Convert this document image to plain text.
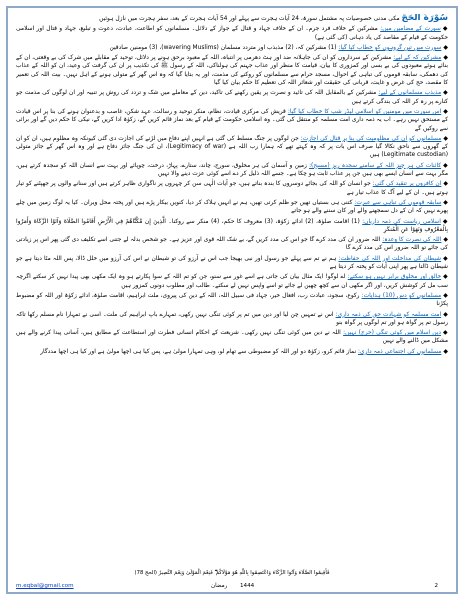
سُوْرَةُ الْحَجِّ مکی مدنی خصوصیات پہ مشتمل سورۃ، 24 آیات ہجرت سے پہلے اور 54 آیات ہجرت کے بعد، سفر ہجرت میں نازل ہوئیں
◆سورت کے مضامین میں: مشرکین کے خلاف فرد جرم۔ ان کے خلاف جہاد و قتال کے جواز کے دلائل۔ مسلمانوں کو اطاعت، عبادت، دعوت و تبلیغ، جہاد و قتال اور اسلامی حکومت کے قیام کے مقاصد کی یاد دہانی (کی گئی ہے)
◆سورت میں تین گروہوں کو خطاب کیا گیا: (1) مشرکین کہ، (2) مذبذب اور متردد مسلمان (wavering Muslims)، (3) مومنین صادقین
◆مشرکین کہ کے لیے: مشرکین کے سرداروں کو ان کی جاہلانہ ضد اور ہٹ دھرمی پر انتباہ، اللہ کے معبود برحق ہونے پر دلائل، توحید کے مقابلے میں شرک کی بے وقعتی، ان کے بنائے ہوئے معبودوں کی بے بسی اور کمزوری کا بیان، قیامت کا منظر اور عذاب جہنم کی ہولناکی، اللہ کے رسول ﷺ کی تکذیب پر ان کی گرفت کی وعید، ان کو اللہ کے عذاب کی دھمکی، سابقہ قوموں کی تباہی کے احوال، مسجد حرام سے مسلمانوں کو روکنے کی مذمت، اور یہ بتایا گیا کہ وہ اس گھر کے متولی ہونے کے اہل نہیں۔ بیت اللہ کی تعمیر کا مقصد، حج کی غرض و غایت، قربانی کی حقیقت اور شعائر اللہ کی تعظیم کا حکم بیان کیا گیا
◆مذبذب مسلمانوں کے لیے: مشرکین کے بالمقابل اللہ کی تائید و نصرت پر یقین رکھنے کی تاکید، دین کے معاملے میں شک و تردد کی روش پر تنبیہ اور ان لوگوں کی مذمت جو کنارے پر رہ کر اللہ کی بندگی کرتے ہیں
◆اس سورت میں مومنین کو اسلامی لیڈر شپ کا خطاب کیا گیا: قریش کی مرکزی قیادت، نظام، منکر توحید و رسالت، عہد شکن، غاصب و بدعنوان ہونے کی بنا پر اس قیادت کے مستحق نہیں رہے۔ اب یہ ذمہ داری امت مسلمہ کو منتقل کی گئی۔ وہ اسلامی حکومت کے قیام کے بعد نماز قائم کریں گے، زکوٰۃ ادا کریں گے، نیکی کا حکم دیں گے اور برائی سے روکیں گے
◆مسلمانوں کو ان کی مظلومیت کی بنا پر قتال کی اجازت: جن لوگوں پر جنگ مسلط کی گئی ہے انہیں اپنے دفاع میں لڑنے کی اجازت دی گئی کیونکہ وہ مظلوم ہیں، ان کو ان کے گھروں سے ناحق نکالا گیا صرف اس بات پر کہ وہ کہتے تھے کہ ہمارا رب اللہ ہے (Legitimacy of war)، ان کی جنگ جائز دفاع ہے اور وہ اس گھر کے جائز متولی (Legitimate custodian) ہیں
◆کائنات کی ہر چیز اللہ کے سامنے سجدہ ریز (مسبح): زمین و آسمان کی ہر مخلوق، سورج، چاند، ستارے، پہاڑ، درخت، چوپائے اور بہت سے انسان اللہ کو سجدہ کرتے ہیں، مگر بہت سے انسان ایسے بھی ہیں جن پر عذاب ثابت ہو چکا ہے۔ جسے اللہ ذلیل کر دے اسے کوئی عزت دینے والا نہیں
◆ان کافروں پر تنقید کی گئی: جو انسان کو اللہ کی بجائے دوسروں کا بندہ بناتے ہیں، جو آیات الٰہی سن کر چہروں پر ناگواری ظاہر کرتے ہیں اور سنانے والوں پر جھپٹنے کو تیار ہوتے ہیں۔ ان کے لیے آگ کا عذاب تیار ہے
◆سابقہ قوموں کی تباہی سے عبرت: کتنی ہی بستیاں تھیں جو ظلم کرتی تھیں، ہم نے انہیں ہلاک کر دیا، کنویں بیکار پڑے ہیں اور پختہ محل ویران۔ کیا یہ لوگ زمین میں چلے پھرے نہیں کہ ان کے دل سمجھنے والے اور کان سننے والے ہو جاتے
◆اسلامی ریاست کی ذمہ داریاں: (1) اقامت صلوٰۃ، (2) ادائے زکوٰۃ، (3) معروف کا حکم، (4) منکر سے روکنا۔ الَّذِينَ إِن مَّكَّنَّاهُمْ فِي الْأَرْضِ أَقَامُوا الصَّلَاةَ وَآتَوُا الزَّكَاةَ وَأَمَرُوا بِالْمَعْرُوفِ وَنَهَوْا عَنِ الْمُنكَرِ
◆اللہ کی نصرت کا وعدہ: اللہ ضرور ان کی مدد کرے گا جو اس کی مدد کریں گے، بے شک اللہ قوی اور عزیز ہے۔ جو شخص بدلہ لے جتنی اسے تکلیف دی گئی پھر اس پر زیادتی کی جائے تو اللہ ضرور اس کی مدد کرے گا
◆شیطان کی مداخلت اور اللہ کی حفاظت: ہم نے تم سے پہلے جو رسول اور نبی بھیجا جب اس نے آرزو کی تو شیطان نے اس کی آرزو میں خلل ڈالا، پس اللہ مٹا دیتا ہے جو شیطان ڈالتا ہے پھر اپنی آیات کو پختہ کر دیتا ہے
◆خالق اور مخلوق برابر نہیں ہو سکتے: اے لوگو! ایک مثال بیان کی جاتی ہے اسے غور سے سنو، جن کو تم اللہ کے سوا پکارتے ہو وہ ایک مکھی بھی پیدا نہیں کر سکتے اگرچہ سب مل کر کوشش کریں، اور اگر مکھی ان سے کچھ چھین لے جائے تو اسے واپس نہیں لے سکتے۔ طالب اور مطلوب دونوں کمزور ہیں
◆مسلمانوں کو دس (10) ہدایات: رکوع، سجود، عبادت رب، افعال خیر، جہاد فی سبیل اللہ، اللہ کے دین کی پیروی، ملت ابراہیم، اقامت صلوٰۃ، ادائے زکوٰۃ اور اللہ کو مضبوط پکڑنا
◆امت مسلمہ کو شہادت حق کی ذمہ داری: اس نے تمہیں چن لیا اور دین میں تم پر کوئی تنگی نہیں رکھی، تمہارے باپ ابراہیم کی ملت۔ اسی نے تمہارا نام مسلم رکھا تاکہ رسول تم پر گواہ ہو اور تم لوگوں پر گواہ بنو
◆دین اسلام میں کوئی تنگی (حرج) نہیں: اللہ نے دین میں کوئی تنگی نہیں رکھی۔ شریعت کے احکام انسانی فطرت اور استطاعت کے مطابق ہیں، آسانی پیدا کرنے والے ہیں مشکل میں ڈالنے والے نہیں
◆مسلمانوں کی اجتماعی ذمہ داری: نماز قائم کرو، زکوٰۃ دو اور اللہ کو مضبوطی سے تھام لو، وہی تمہارا مولیٰ ہے، پس کیا ہی اچھا مولیٰ ہے اور کیا ہی اچھا مددگار
فَأَقِيمُوا الصَّلَاةَ وَآتُوا الزَّكَاةَ وَاعْتَصِمُوا بِاللَّهِ هُوَ مَوْلَاكُمْ ۖ فَنِعْمَ الْمَوْلَىٰ وَنِعْمَ النَّصِيرُ (الحج 78)
m.eqbal@gmail.com	رمضان 1444	2
